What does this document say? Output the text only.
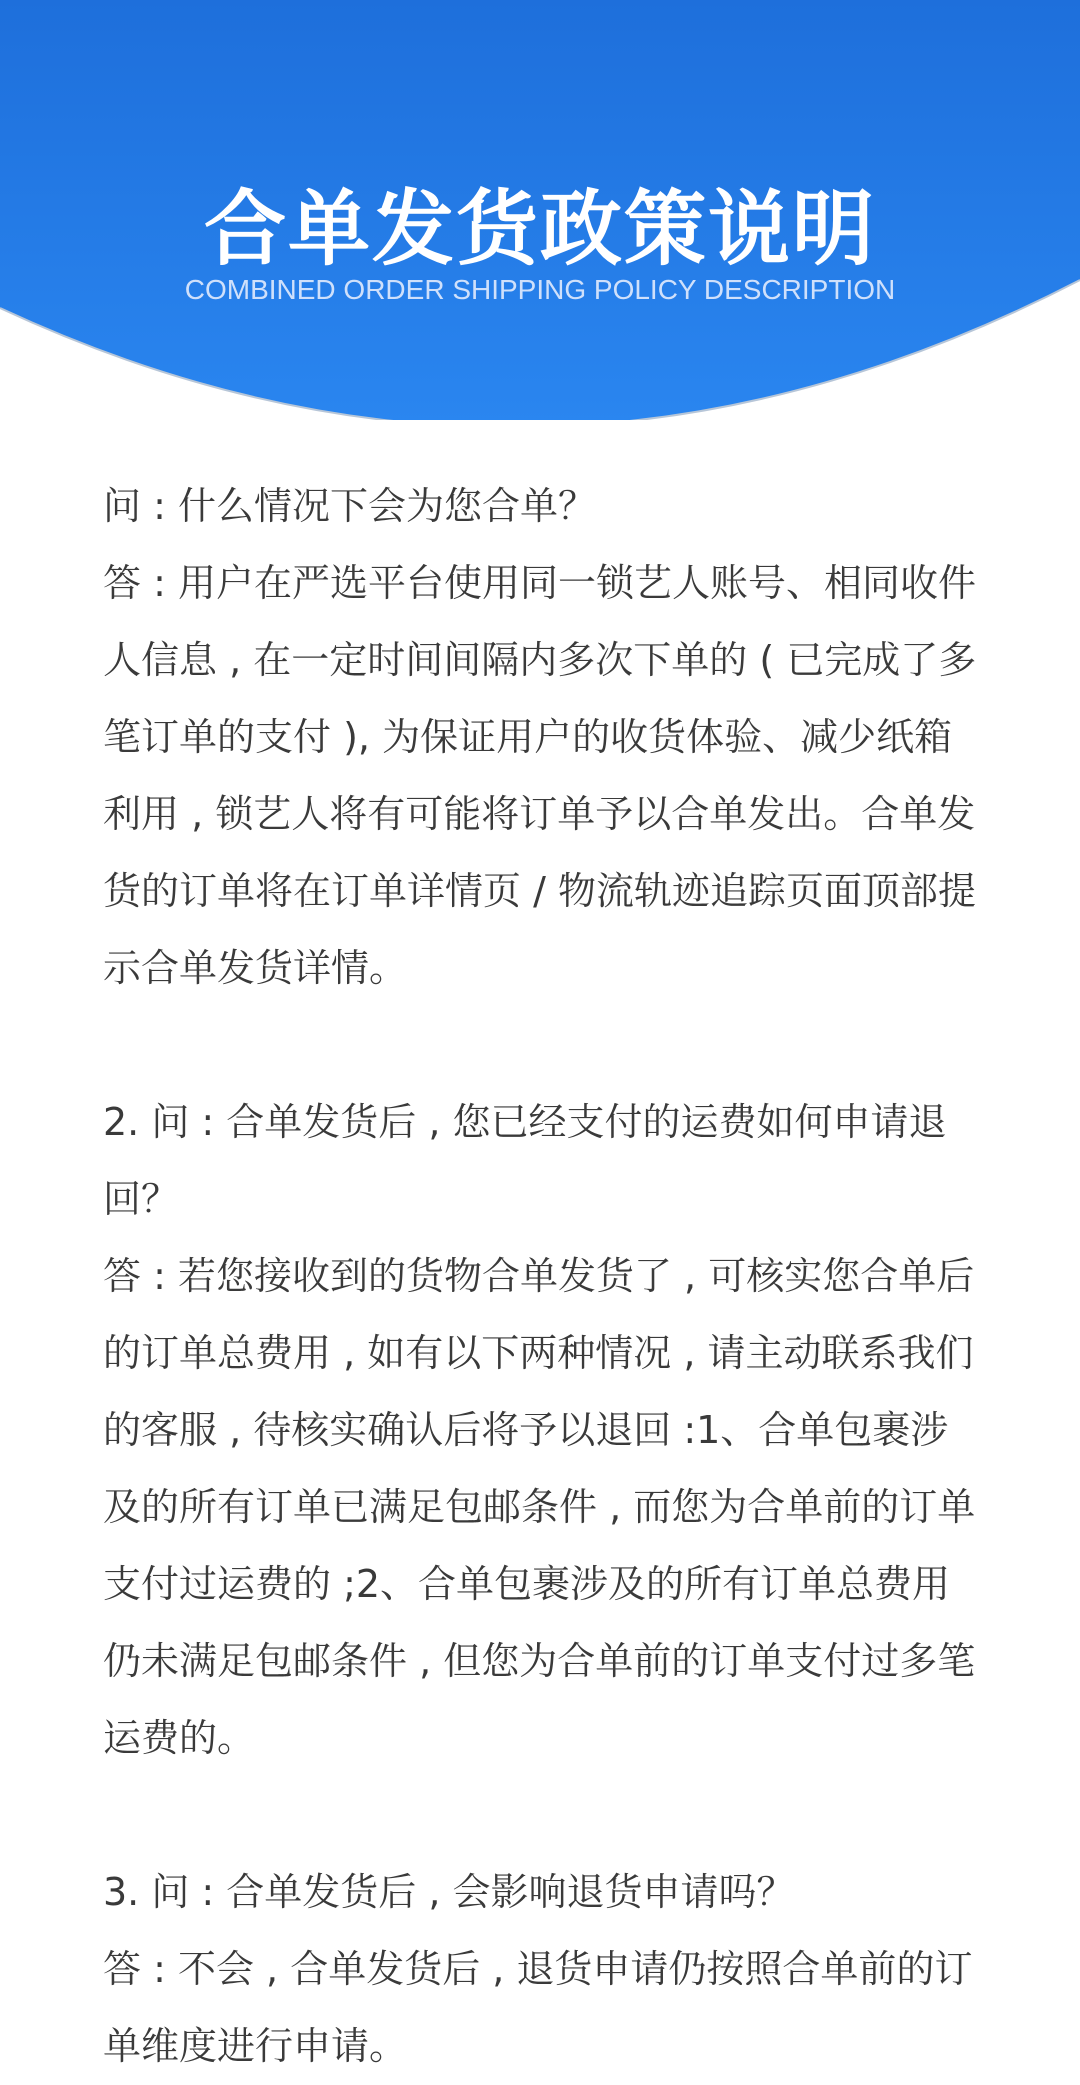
合单发货政策说明
COMBINED ORDER SHIPPING POLICY DESCRIPTION

问 : 什么情况下会为您合单？

答 : 用户在严选平台使用同一锁艺人账号、相同收件人信息 , 在一定时间间隔内多次下单的 ( 已完成了多笔订单的支付 ), 为保证用户的收货体验、减少纸箱利用 , 锁艺人将有可能将订单予以合单发出。合单发货的订单将在订单详情页 / 物流轨迹追踪页面顶部提示合单发货详情。

2. 问 : 合单发货后 , 您已经支付的运费如何申请退回？

答 : 若您接收到的货物合单发货了 , 可核实您合单后的订单总费用 , 如有以下两种情况 , 请主动联系我们的客服 , 待核实确认后将予以退回 :1、合单包裹涉及的所有订单已满足包邮条件 , 而您为合单前的订单支付过运费的 ;2、合单包裹涉及的所有订单总费用仍未满足包邮条件 , 但您为合单前的订单支付过多笔运费的。

3. 问 : 合单发货后 , 会影响退货申请吗？

答 : 不会 , 合单发货后 , 退货申请仍按照合单前的订单维度进行申请。
